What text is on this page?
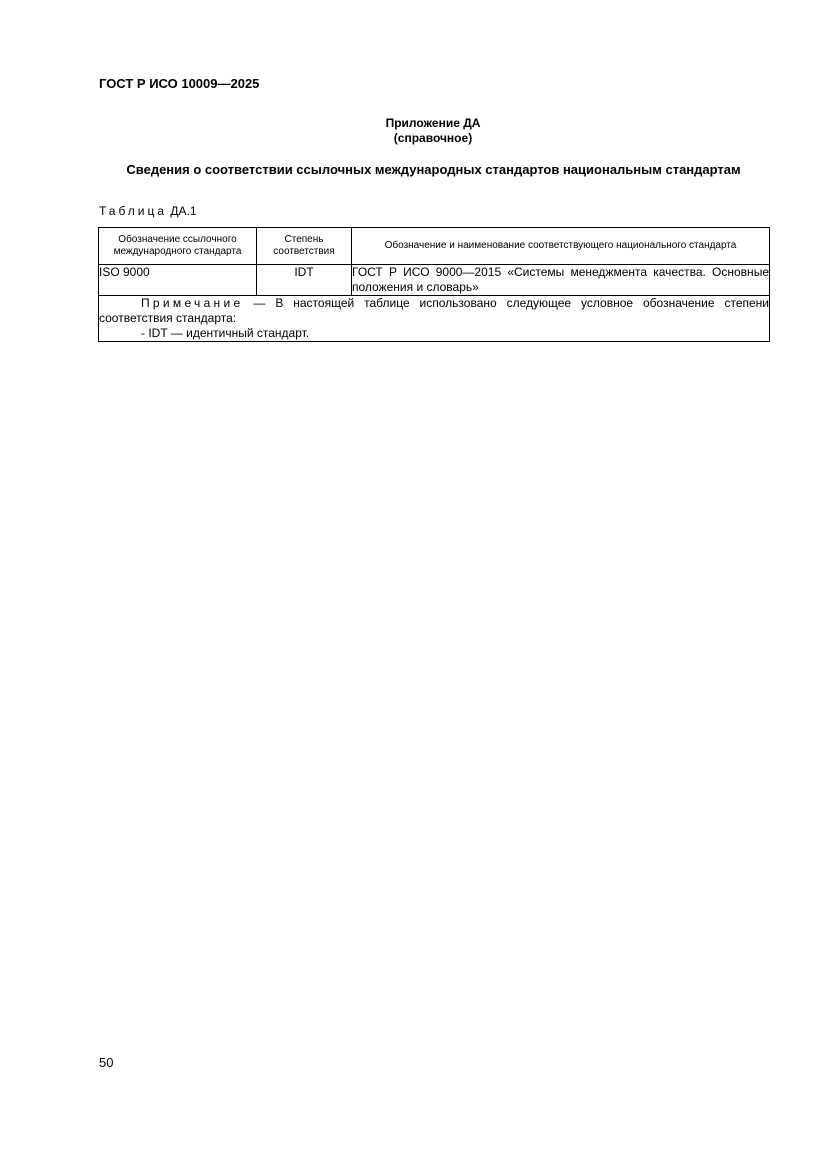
ГОСТ Р ИСО 10009—2025
Приложение ДА
(справочное)
Сведения о соответствии ссылочных международных стандартов национальным стандартам
Таблица ДА.1
Обозначение ссылочного международного стандарта	Степень соответствия	Обозначение и наименование соответствующего национального стандарта
ISO 9000	IDT	ГОСТ Р ИСО 9000—2015 «Системы менеджмента качества. Основные положения и словарь»

Примечание — В настоящей таблице использовано следующее условное обозначение степени соответствия стандарта:
- IDT — идентичный стандарт.		
50
